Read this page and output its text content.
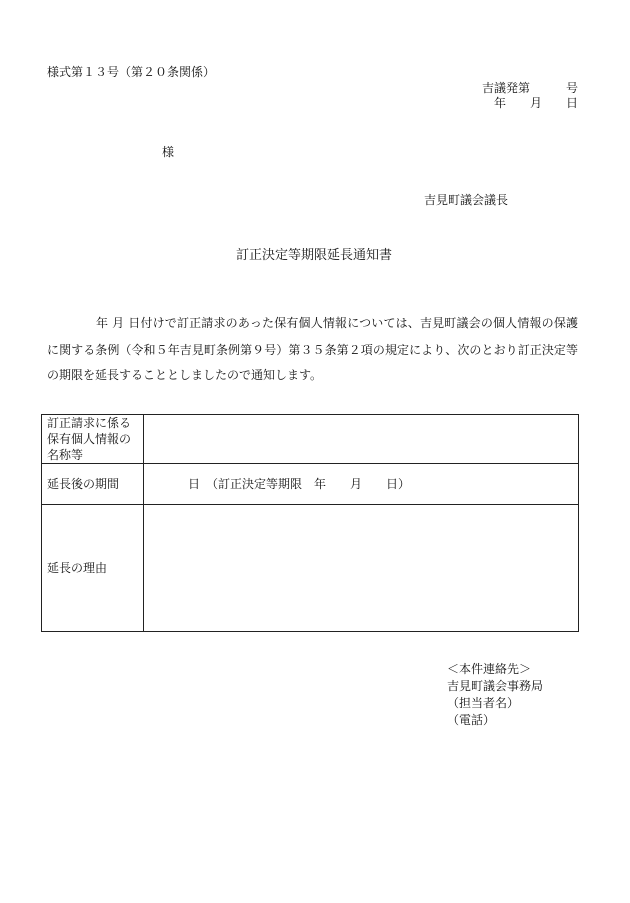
様式第１３号（第２０条関係）
吉議発第　　　号
年　　月　　日
様
吉見町議会議長
訂正決定等期限延長通知書
年 月 日付けで訂正請求のあった保有個人情報については、吉見町議会の個人情報の保護
に関する条例（令和５年吉見町条例第９号）第３５条第２項の規定により、次のとおり訂正決定等
の期限を延長することとしましたので通知します。
訂正請求に係る
保有個人情報の
名称等	

延長後の期間	日　（訂正決定等期限　年　　月　　日）
延長の理由	
＜本件連絡先＞
吉見町議会事務局
（担当者名）
（電話）
